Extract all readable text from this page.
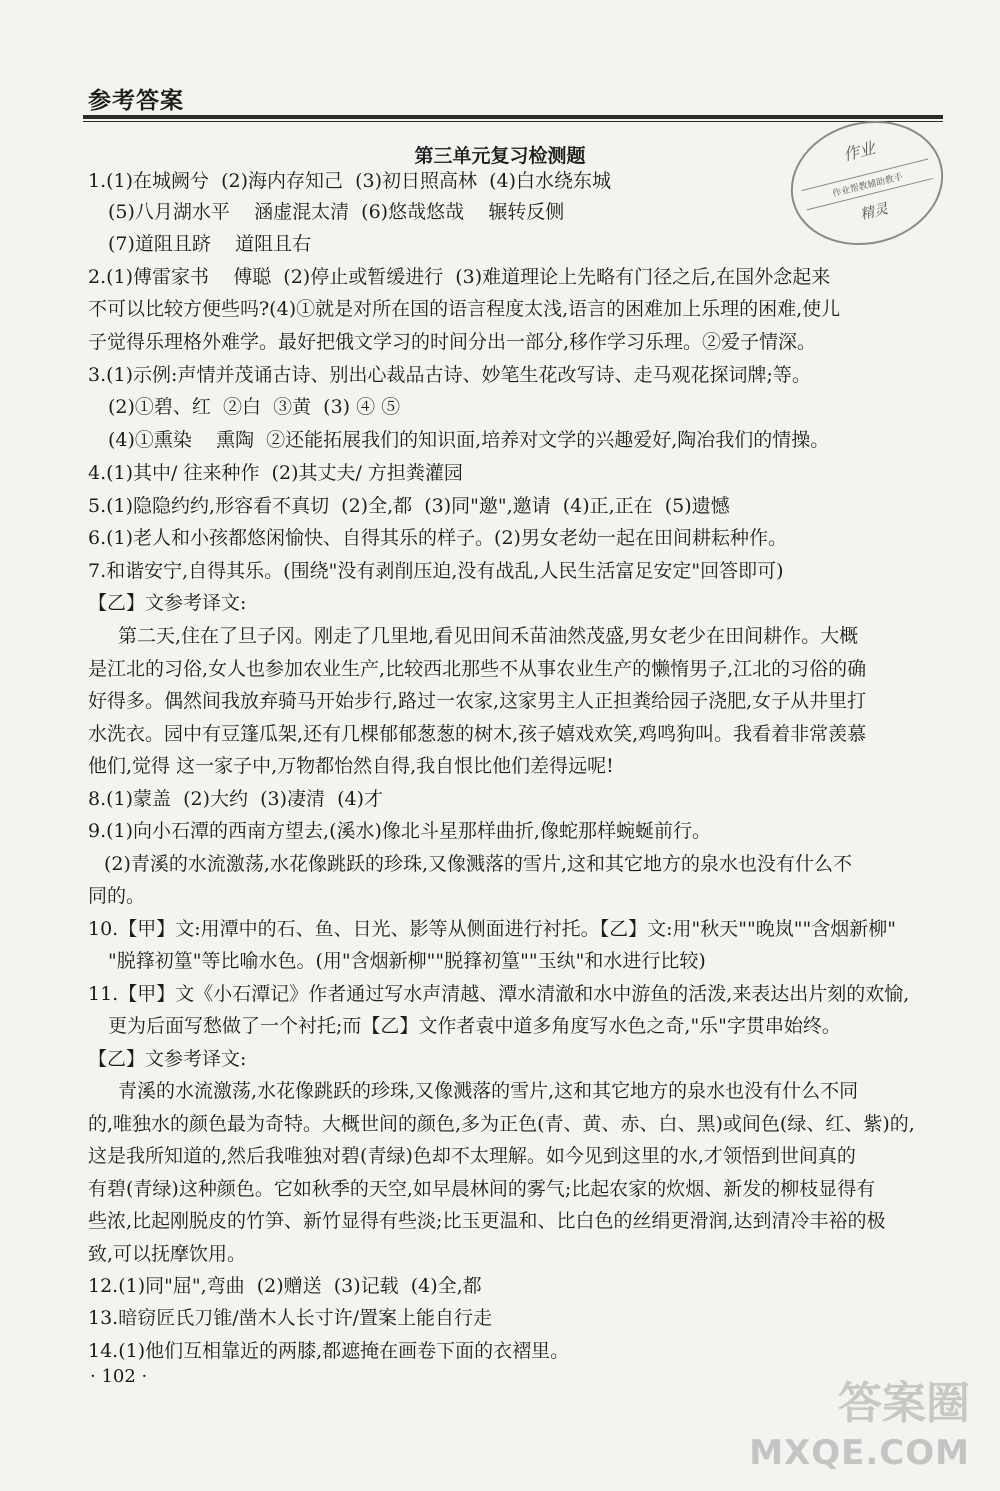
参考答案
第三单元复习检测题	作业
作业帮教辅助教手
精灵
1.(1)在城阙兮  (2)海内存知己  (3)初日照高林  (4)白水绕东城
(5)八月湖水平    涵虚混太清  (6)悠哉悠哉    辗转反侧
(7)道阻且跻    道阻且右
2.(1)傅雷家书    傅聪  (2)停止或暂缓进行  (3)难道理论上先略有门径之后,在国外念起来
不可以比较方便些吗?(4)①就是对所在国的语言程度太浅,语言的困难加上乐理的困难,使儿
子觉得乐理格外难学。最好把俄文学习的时间分出一部分,移作学习乐理。②爱子情深。
3.(1)示例:声情并茂诵古诗、别出心裁品古诗、妙笔生花改写诗、走马观花探词牌;等。
(2)①碧、红  ②白  ③黄  (3) ④ ⑤
(4)①熏染    熏陶  ②还能拓展我们的知识面,培养对文学的兴趣爱好,陶冶我们的情操。
4.(1)其中/ 往来种作  (2)其丈夫/ 方担粪灌园
5.(1)隐隐约约,形容看不真切  (2)全,都  (3)同"邀",邀请  (4)正,正在  (5)遗憾
6.(1)老人和小孩都悠闲愉快、自得其乐的样子。(2)男女老幼一起在田间耕耘种作。
7.和谐安宁,自得其乐。(围绕"没有剥削压迫,没有战乱,人民生活富足安定"回答即可)
【乙】文参考译文:
第二天,住在了旦子冈。刚走了几里地,看见田间禾苗油然茂盛,男女老少在田间耕作。大概
是江北的习俗,女人也参加农业生产,比较西北那些不从事农业生产的懒惰男子,江北的习俗的确
好得多。偶然间我放弃骑马开始步行,路过一农家,这家男主人正担粪给园子浇肥,女子从井里打
水洗衣。园中有豆篷瓜架,还有几棵郁郁葱葱的树木,孩子嬉戏欢笑,鸡鸣狗叫。我看着非常羡慕
他们,觉得 这一家子中,万物都怡然自得,我自恨比他们差得远呢!
8.(1)蒙盖  (2)大约  (3)凄清  (4)才
9.(1)向小石潭的西南方望去,(溪水)像北斗星那样曲折,像蛇那样蜿蜒前行。
(2)青溪的水流激荡,水花像跳跃的珍珠,又像溅落的雪片,这和其它地方的泉水也没有什么不
同的。
10.【甲】文:用潭中的石、鱼、日光、影等从侧面进行衬托。【乙】文:用"秋天""晚岚""含烟新柳"
"脱箨初篁"等比喻水色。(用"含烟新柳""脱箨初篁""玉纨"和水进行比较)
11.【甲】文《小石潭记》作者通过写水声清越、潭水清澈和水中游鱼的活泼,来表达出片刻的欢愉,
更为后面写愁做了一个衬托;而【乙】文作者袁中道多角度写水色之奇,"乐"字贯串始终。
【乙】文参考译文:
青溪的水流激荡,水花像跳跃的珍珠,又像溅落的雪片,这和其它地方的泉水也没有什么不同
的,唯独水的颜色最为奇特。大概世间的颜色,多为正色(青、黄、赤、白、黑)或间色(绿、红、紫)的,
这是我所知道的,然后我唯独对碧(青绿)色却不太理解。如今见到这里的水,才领悟到世间真的
有碧(青绿)这种颜色。它如秋季的天空,如早晨林间的雾气;比起农家的炊烟、新发的柳枝显得有
些浓,比起刚脱皮的竹笋、新竹显得有些淡;比玉更温和、比白色的丝绢更滑润,达到清冷丰裕的极
致,可以抚摩饮用。
12.(1)同"屈",弯曲  (2)赠送  (3)记载  (4)全,都
13.暗窃匠氏刀锥/凿木人长寸许/置案上能自行走
14.(1)他们互相靠近的两膝,都遮掩在画卷下面的衣褶里。
· 102 ·
答案圈
MXQE.COM
